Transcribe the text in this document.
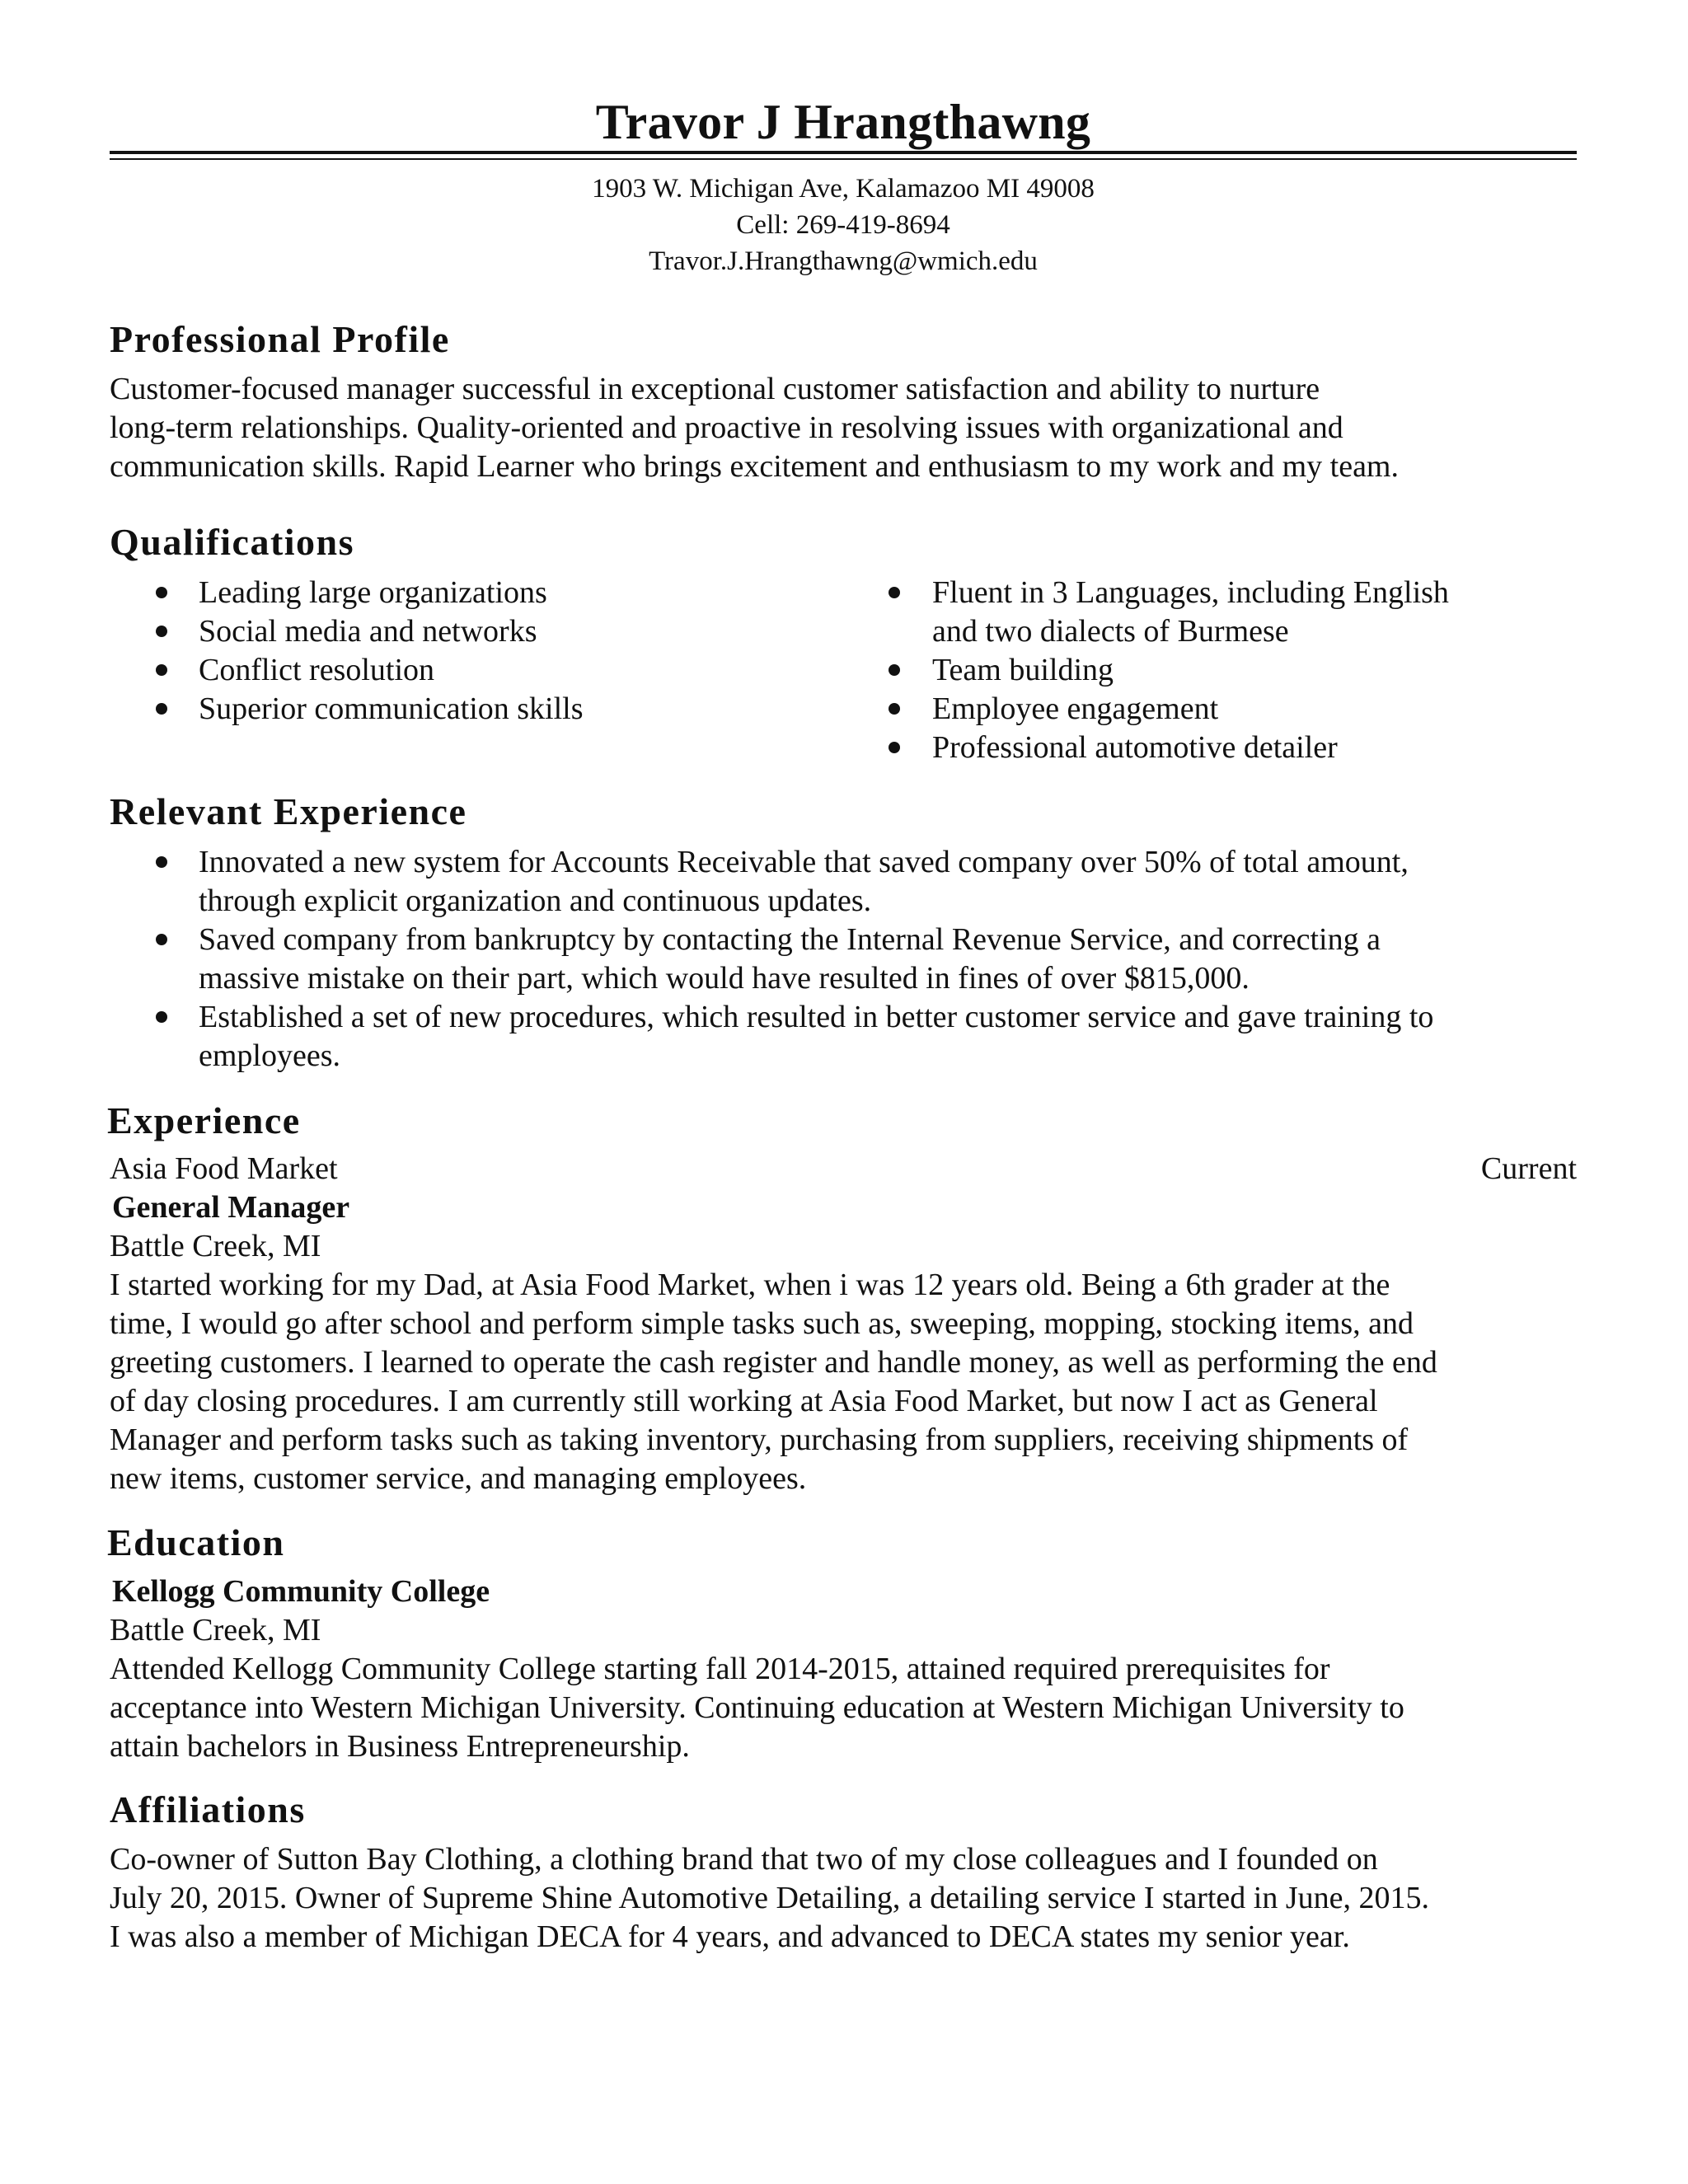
Travor J Hrangthawng
1903 W. Michigan Ave, Kalamazoo MI 49008
Cell: 269-419-8694
Travor.J.Hrangthawng@wmich.edu
Professional Profile
Customer-focused manager successful in exceptional customer satisfaction and ability to nurture
long-term relationships. Quality-oriented and proactive in resolving issues with organizational and
communication skills. Rapid Learner who brings excitement and enthusiasm to my work and my team.
Qualifications
Leading large organizations
Social media and networks
Conflict resolution
Superior communication skills
Fluent in 3 Languages, including English
and two dialects of Burmese
Team building
Employee engagement
Professional automotive detailer
Relevant Experience
Innovated a new system for Accounts Receivable that saved company over 50% of total amount,
through explicit organization and continuous updates.
Saved company from bankruptcy by contacting the Internal Revenue Service, and correcting a
massive mistake on their part, which would have resulted in fines of over $815,000.
Established a set of new procedures, which resulted in better customer service and gave training to
employees.
Experience
Asia Food Market	Current
General Manager
Battle Creek, MI
I started working for my Dad, at Asia Food Market, when i was 12 years old. Being a 6th grader at the
time, I would go after school and perform simple tasks such as, sweeping, mopping, stocking items, and
greeting customers. I learned to operate the cash register and handle money, as well as performing the end
of day closing procedures. I am currently still working at Asia Food Market, but now I act as General
Manager and perform tasks such as taking inventory, purchasing from suppliers, receiving shipments of
new items, customer service, and managing employees.
Education
Kellogg Community College
Battle Creek, MI
Attended Kellogg Community College starting fall 2014-2015, attained required prerequisites for
acceptance into Western Michigan University. Continuing education at Western Michigan University to
attain bachelors in Business Entrepreneurship.
Affiliations
Co-owner of Sutton Bay Clothing, a clothing brand that two of my close colleagues and I founded on
July 20, 2015. Owner of Supreme Shine Automotive Detailing, a detailing service I started in June, 2015.
I was also a member of Michigan DECA for 4 years, and advanced to DECA states my senior year.
